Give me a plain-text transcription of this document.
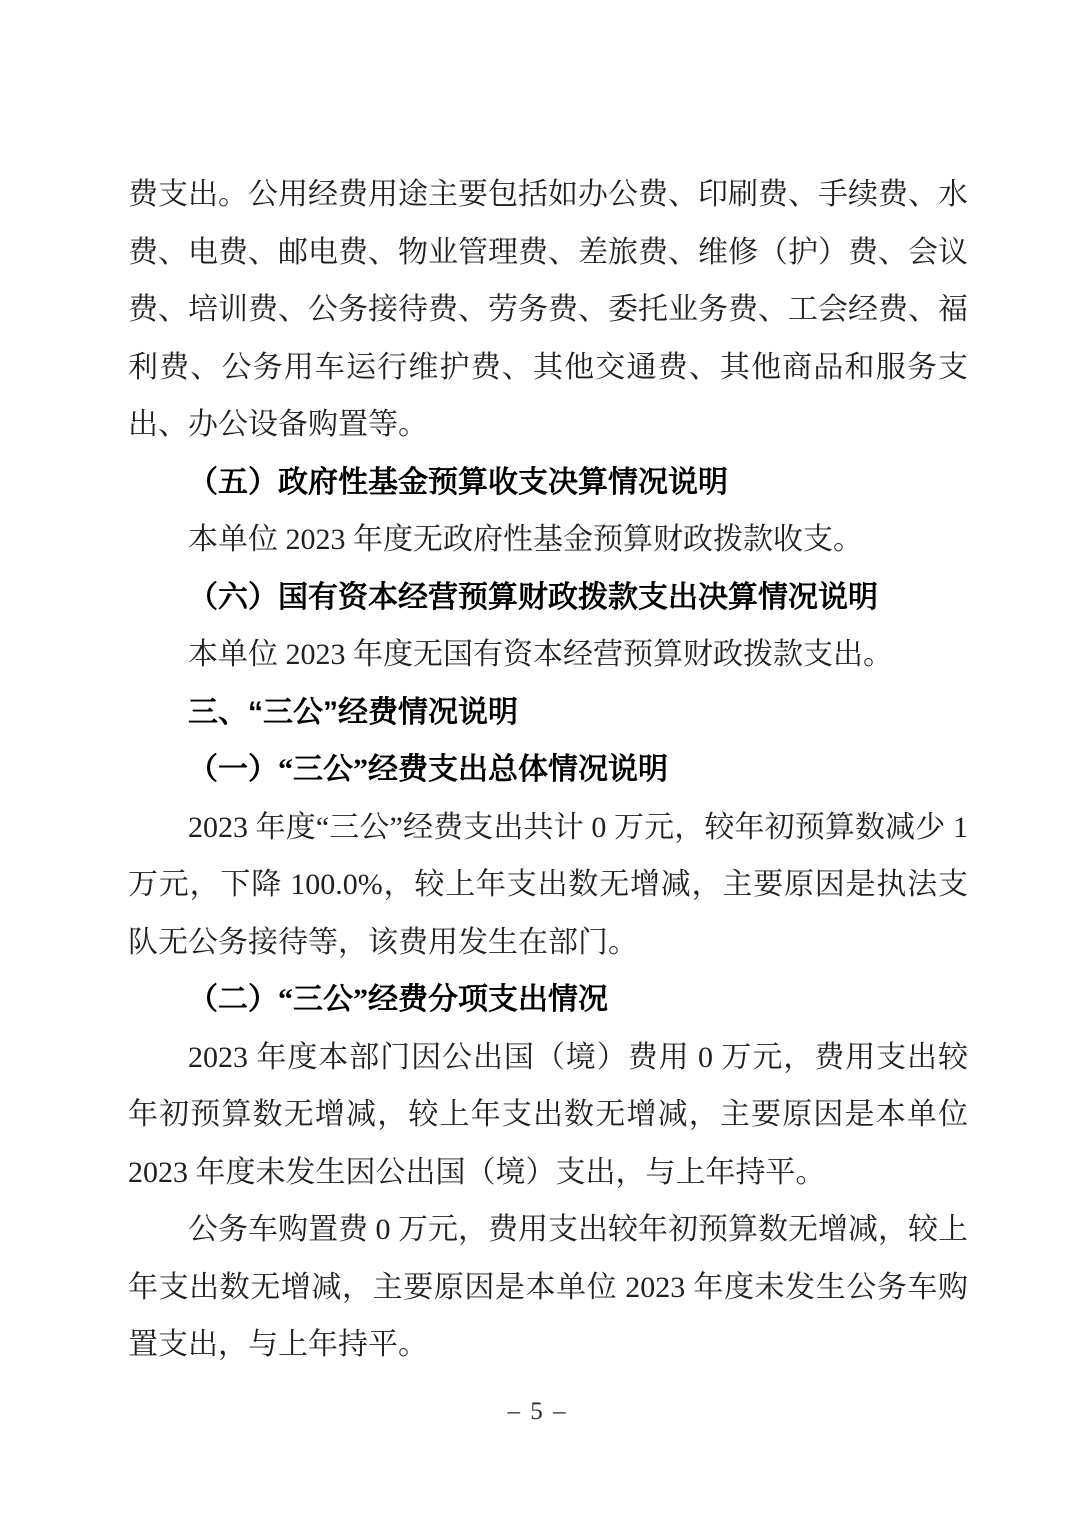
费支出。公用经费用途主要包括如办公费、印刷费、手续费、水费、电费、邮电费、物业管理费、差旅费、维修（护）费、会议费、培训费、公务接待费、劳务费、委托业务费、工会经费、福利费、公务用车运行维护费、其他交通费、其他商品和服务支出、办公设备购置等。

（五）政府性基金预算收支决算情况说明

本单位 2023 年度无政府性基金预算财政拨款收支。

（六）国有资本经营预算财政拨款支出决算情况说明

本单位 2023 年度无国有资本经营预算财政拨款支出。

三、“三公”经费情况说明
（一）“三公”经费支出总体情况说明

2023 年度“三公”经费支出共计 0 万元，较年初预算数减少 1 万元，下降 100.0%，较上年支出数无增减，主要原因是执法支队无公务接待等，该费用发生在部门。

（二）“三公”经费分项支出情况

2023 年度本部门因公出国（境）费用 0 万元，费用支出较年初预算数无增减，较上年支出数无增减，主要原因是本单位 2023 年度未发生因公出国（境）支出，与上年持平。

公务车购置费 0 万元，费用支出较年初预算数无增减，较上年支出数无增减，主要原因是本单位 2023 年度未发生公务车购置支出，与上年持平。

– 5 –
